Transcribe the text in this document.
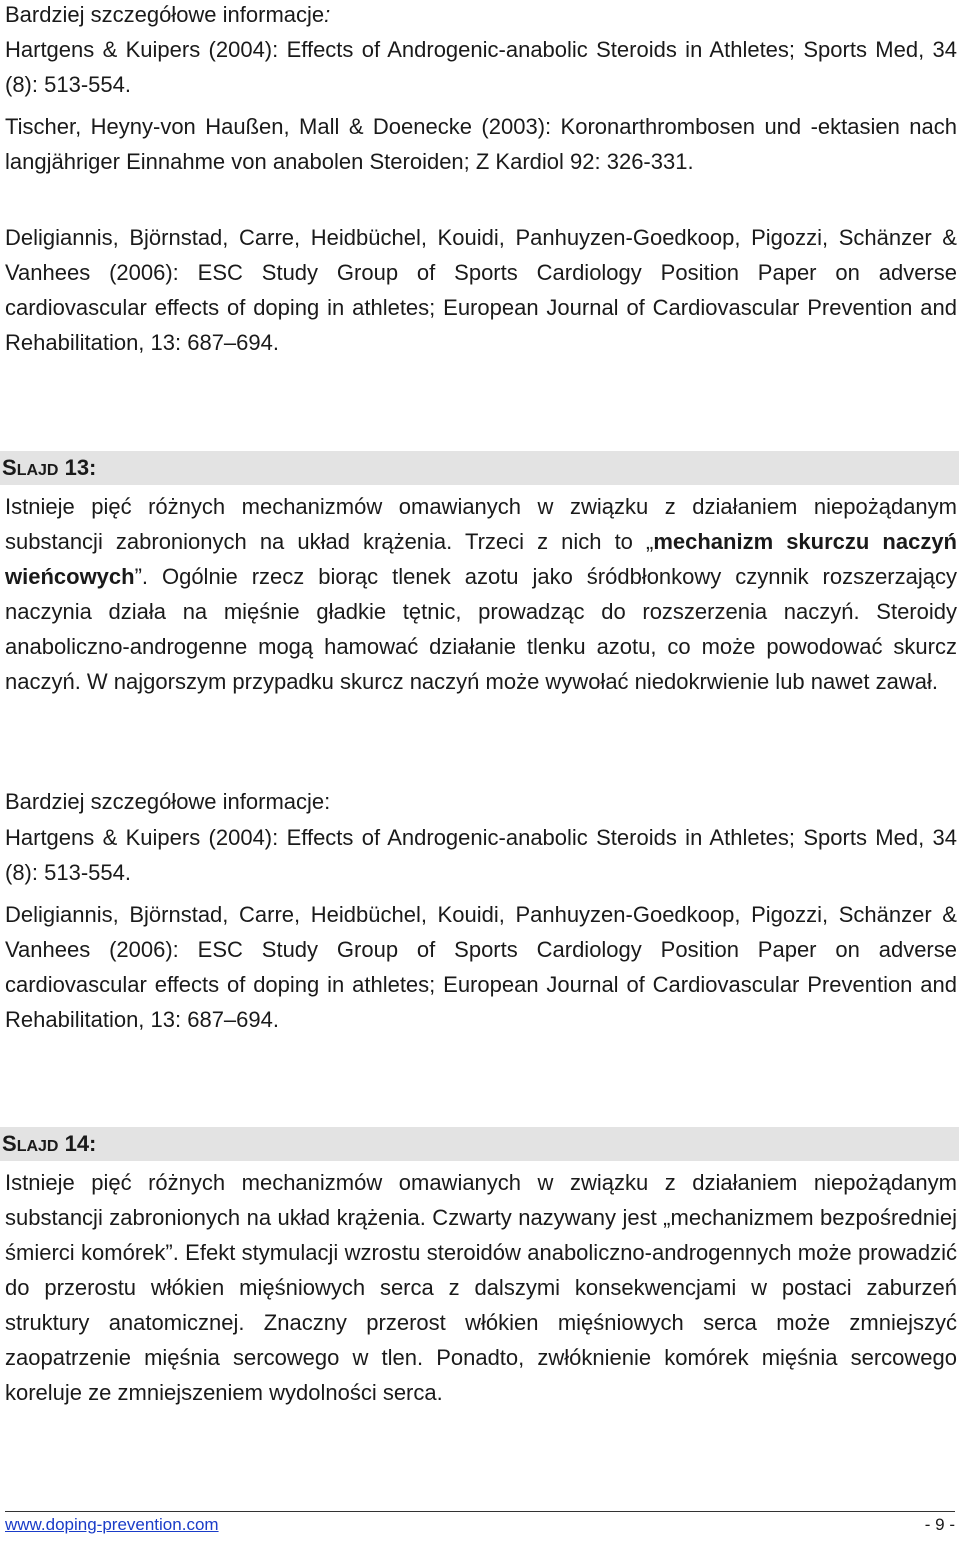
Bardziej szczegółowe informacje:

Hartgens & Kuipers (2004): Effects of Androgenic-anabolic Steroids in Athletes; Sports Med, 34 (8): 513-554.

Tischer, Heyny-von Haußen, Mall & Doenecke (2003): Koronarthrombosen und -ektasien nach langjähriger Einnahme von anabolen Steroiden; Z Kardiol 92: 326-331.

Deligiannis, Björnstad, Carre, Heidbüchel, Kouidi, Panhuyzen-Goedkoop, Pigozzi, Schänzer & Vanhees (2006): ESC Study Group of Sports Cardiology Position Paper on adverse cardiovascular effects of doping in athletes; European Journal of Cardiovascular Prevention and Rehabilitation, 13: 687–694.

SLAJD 13:

Istnieje pięć różnych mechanizmów omawianych w związku z działaniem niepożądanym substancji zabronionych na układ krążenia. Trzeci z nich to „mechanizm skurczu naczyń wieńcowych”. Ogólnie rzecz biorąc tlenek azotu jako śródbłonkowy czynnik rozszerzający naczynia działa na mięśnie gładkie tętnic, prowadząc do rozszerzenia naczyń. Steroidy anaboliczno-androgenne mogą hamować działanie tlenku azotu, co może powodować skurcz naczyń. W najgorszym przypadku skurcz naczyń może wywołać niedokrwienie lub nawet zawał.

Bardziej szczegółowe informacje:

Hartgens & Kuipers (2004): Effects of Androgenic-anabolic Steroids in Athletes; Sports Med, 34 (8): 513-554.

Deligiannis, Björnstad, Carre, Heidbüchel, Kouidi, Panhuyzen-Goedkoop, Pigozzi, Schänzer & Vanhees (2006): ESC Study Group of Sports Cardiology Position Paper on adverse cardiovascular effects of doping in athletes; European Journal of Cardiovascular Prevention and Rehabilitation, 13: 687–694.

SLAJD 14:

Istnieje pięć różnych mechanizmów omawianych w związku z działaniem niepożądanym substancji zabronionych na układ krążenia. Czwarty nazywany jest „mechanizmem bezpośredniej śmierci komórek”. Efekt stymulacji wzrostu steroidów anaboliczno-androgennych może prowadzić do przerostu włókien mięśniowych serca z dalszymi konsekwencjami w postaci zaburzeń struktury anatomicznej. Znaczny przerost włókien mięśniowych serca może zmniejszyć zaopatrzenie mięśnia sercowego w tlen. Ponadto, zwłóknienie komórek mięśnia sercowego koreluje ze zmniejszeniem wydolności serca.

www.doping-prevention.com	- 9 -
